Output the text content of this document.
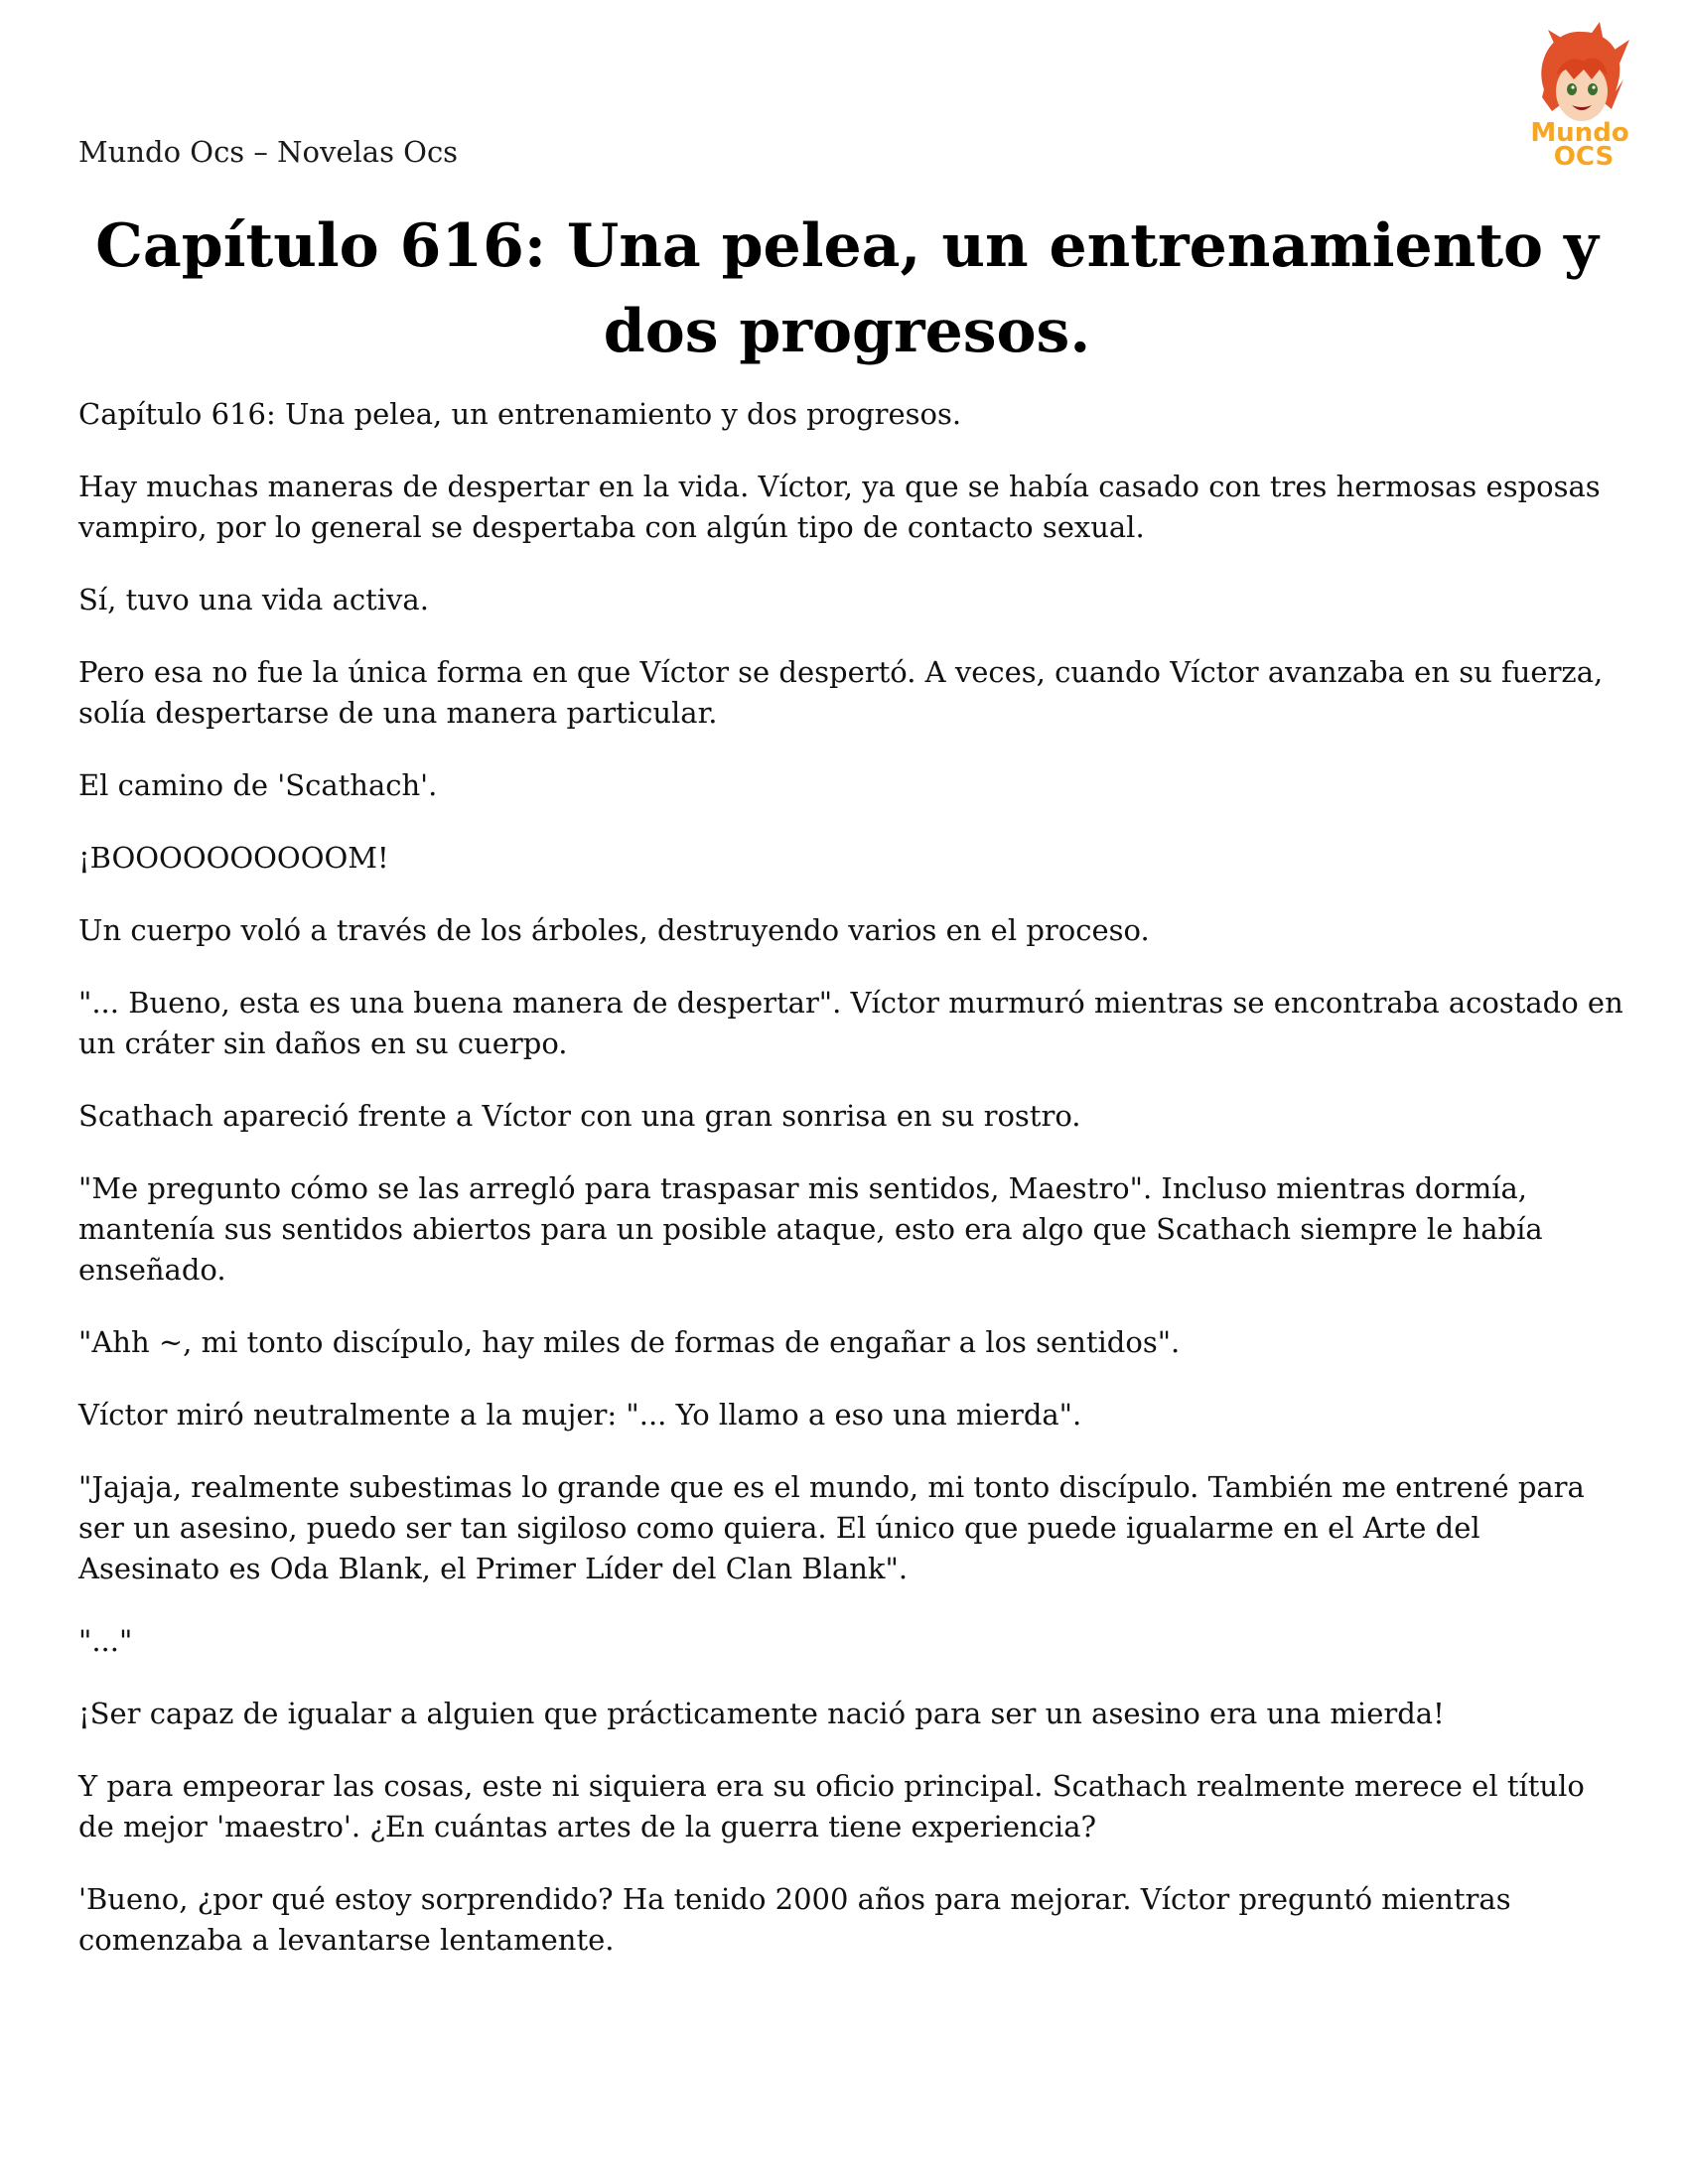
Mundo Ocs – Novelas Ocs
Mundo
OCS
Capítulo 616: Una pelea, un entrenamiento y dos progresos.

Capítulo 616: Una pelea, un entrenamiento y dos progresos.

Hay muchas maneras de despertar en la vida. Víctor, ya que se había casado con tres hermosas esposas vampiro, por lo general se despertaba con algún tipo de contacto sexual.

Sí, tuvo una vida activa.

Pero esa no fue la única forma en que Víctor se despertó. A veces, cuando Víctor avanzaba en su fuerza, solía despertarse de una manera particular.

El camino de 'Scathach'.

¡BOOOOOOOOOOM!

Un cuerpo voló a través de los árboles, destruyendo varios en el proceso.

"... Bueno, esta es una buena manera de despertar". Víctor murmuró mientras se encontraba acostado en un cráter sin daños en su cuerpo.

Scathach apareció frente a Víctor con una gran sonrisa en su rostro.

"Me pregunto cómo se las arregló para traspasar mis sentidos, Maestro". Incluso mientras dormía, mantenía sus sentidos abiertos para un posible ataque, esto era algo que Scathach siempre le había enseñado.

"Ahh ~, mi tonto discípulo, hay miles de formas de engañar a los sentidos".

Víctor miró neutralmente a la mujer: "... Yo llamo a eso una mierda".

"Jajaja, realmente subestimas lo grande que es el mundo, mi tonto discípulo. También me entrené para ser un asesino, puedo ser tan sigiloso como quiera. El único que puede igualarme en el Arte del Asesinato es Oda Blank, el Primer Líder del Clan Blank".

"..."

¡Ser capaz de igualar a alguien que prácticamente nació para ser un asesino era una mierda!

Y para empeorar las cosas, este ni siquiera era su oficio principal. Scathach realmente merece el título de mejor 'maestro'. ¿En cuántas artes de la guerra tiene experiencia?

'Bueno, ¿por qué estoy sorprendido? Ha tenido 2000 años para mejorar. Víctor preguntó mientras comenzaba a levantarse lentamente.
